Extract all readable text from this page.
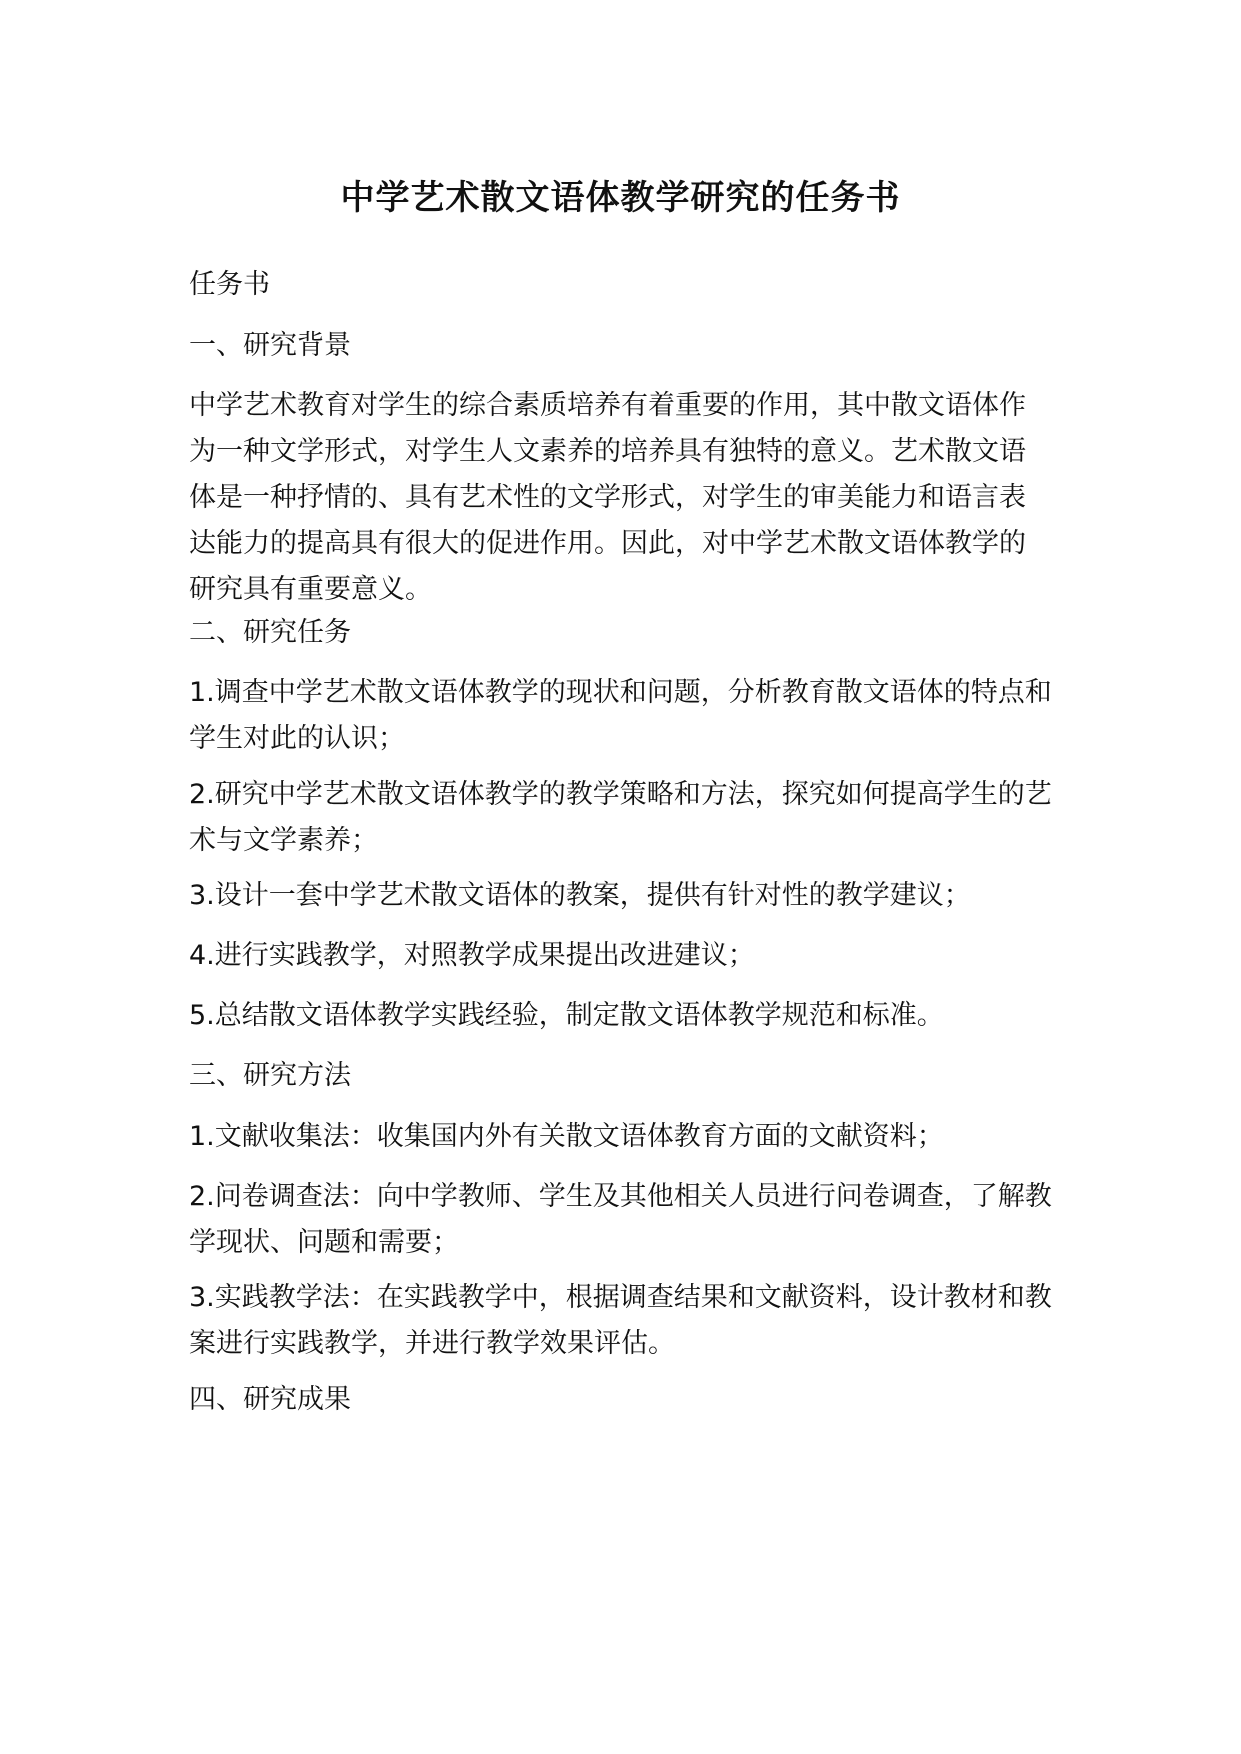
中学艺术散文语体教学研究的任务书

任务书

一、研究背景

中学艺术教育对学生的综合素质培养有着重要的作用，其中散文语体作
为一种文学形式，对学生人文素养的培养具有独特的意义。艺术散文语
体是一种抒情的、具有艺术性的文学形式，对学生的审美能力和语言表
达能力的提高具有很大的促进作用。因此，对中学艺术散文语体教学的
研究具有重要意义。

二、研究任务

1.调查中学艺术散文语体教学的现状和问题，分析教育散文语体的特点和
学生对此的认识；

2.研究中学艺术散文语体教学的教学策略和方法，探究如何提高学生的艺
术与文学素养；

3.设计一套中学艺术散文语体的教案，提供有针对性的教学建议；

4.进行实践教学，对照教学成果提出改进建议；

5.总结散文语体教学实践经验，制定散文语体教学规范和标准。

三、研究方法

1.文献收集法：收集国内外有关散文语体教育方面的文献资料；

2.问卷调查法：向中学教师、学生及其他相关人员进行问卷调查，了解教
学现状、问题和需要；

3.实践教学法：在实践教学中，根据调查结果和文献资料，设计教材和教
案进行实践教学，并进行教学效果评估。

四、研究成果
